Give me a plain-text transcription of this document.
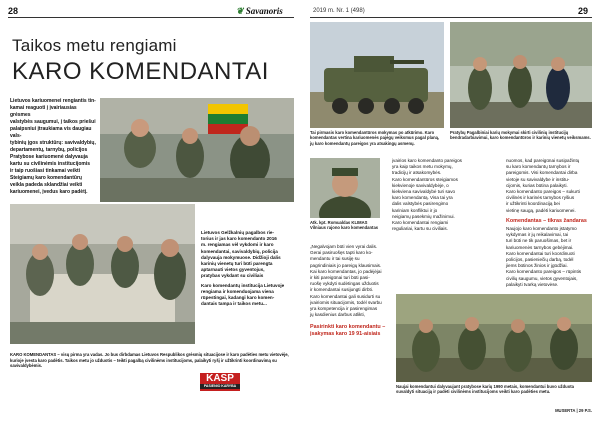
28	❦ Savanoris	2019 m. Nr. 1 (498)	29
Taikos metu rengiami
KARO KOMENDANTAI
Lietuvos kariuomenei rengiantis tin-
kamai reaguoti į įvairiausias grėsmes
valstybės saugumui, į taikos priešui
palaipsniui įtraukiama vis daugiau vals-
tybinių įgos struktūrų: savivaldybių,
departamentų, tarnybų, policijos
Pratybose kariuomenė dalyvauja
kartu su civilinėmis institucijomis
ir taip ruošiasi tinkamai veikti
Steigiamų karo komendantūrų
veikla padeda sklandžiai veikti
kariuomenei, įvedus karo padėtį.
Lietuvos Gelžkalnių pagalbos rie-
torius ir jas karo komendanto 2016
m. rengiamas vėl vykdomi ir karo
komendantai, savivaldybių, policija
dalyvauja mokymuose. Didžioji dalis
karinių vienetų turi būti parengta
aptarnauti vietos gyventojus,
pratybas vykdant su civiliais
Karo komendantų institucija Lietuvoje
rengiama ir komenduojama viena
rūpestingai, kadangi karo komen-
dantais tampa ir taikos metu...
KARO KOMENDANTAS – visų pirma yra vadas. Jo bus dirbdamas Lietuvos Respublikos grėsmių situacijose ir karo padėties metu vietovėje, kurioje įvesta karo padėtis. Taikos metu jo užduotis – teikti pagalbą civilinėms institucijoms, palaikyti ryšį ir užtikrinti koordinavimą su savivaldybėmis.
KASP
PASIENIO KARYBA
Tai pirmasis karo komendantūros mokymas po atkūrimo. Karo komendantas vertina kariuomenės pajėgų veiksmus pagal planą, jų karo komendantų pareigos yra atsakingų asmenų.
Pratybų Pagalbiniai karių mokymai skirti civilinių institucijų bendradarbiavimui, karo komendantūros ir karinių vienetų veiksmams.
Atk. kpt. Romualdas KLIMAS Vilniaus rajono karo komendantas
„Negalvojam būti vien vyrai dalis.
Gerai pasiruošęs tapti karo ko-
mendantu ir tai susiję su
pagrindiniais jo pareigų klausimais.
Kai karo komendantas, jo padėjėjai
ir kiti pareigūnai turi būti pasi-
ruošę vykdyti sudėtingas užduotis
ir komendantai susijungti dirbti.
Karo komendantai gali susidurti su
įvairiomis situacijomis, todėl svarbu
yra kompetencija ir pasirengimas
jų kasdienius darbus atlikti,
Pasirinkti karo komendantu – įsakymas karo 19 91-aisiais
įvairios karo komendanto pareigos
yra kaip taikos metu mokymų,
tradicijų ir atsakomybės.
Karo komendantūros steigiamos
kiekvienoje savivaldybėje, o
kiekviena savivaldybė turi savo
karo komendantą. Visa tai yra
dalis valstybės pasirengimo
kariniam konfliktui ir jo
neigiamų pasekmių mažinimui.
Karo komendantai rengiami
reguliariai, kartu su civiliais.
nuomos, kad pareigūnai susipažintų
su karo komendantų tarnybos ir
pareigomis. Visi komendantai dirba
vietoje su savivaldybe ir institu-
cijomis, kurias būtina palaikyti.
Karo komendanto pareigos – sukurti
civilinės ir karinės tarnybos ryšius
ir užtikrinti koordinaciją bei
vietinę saugą, padėti kariuomenei.
Komendantas – tikras žandaras
Naujojo karo komendanto įstatymo
vykdymas ir jų reikalavimai, tai
turi būti ne tik paruošimas, bet ir
kariuomenės tarnybos gebėjimai.
Karo komendantai turi koordinuoti
policijos, pasieniečių darbą, todėl
jiems būtinos žinios ir įgūdžiai.
Karo komendanto pareigos – rūpintis
civilių saugumu, vietos gyventojais,
palaikyti tvarką vietovėse.
Naujai komendantui dalyvaujant pratybose karių 1990 metais, komendantui buvo užduota suvaldyti situaciją ir padėti civilinėms institucijoms veikti karo padėties metu.
MUSERTA | 29 P.S.
